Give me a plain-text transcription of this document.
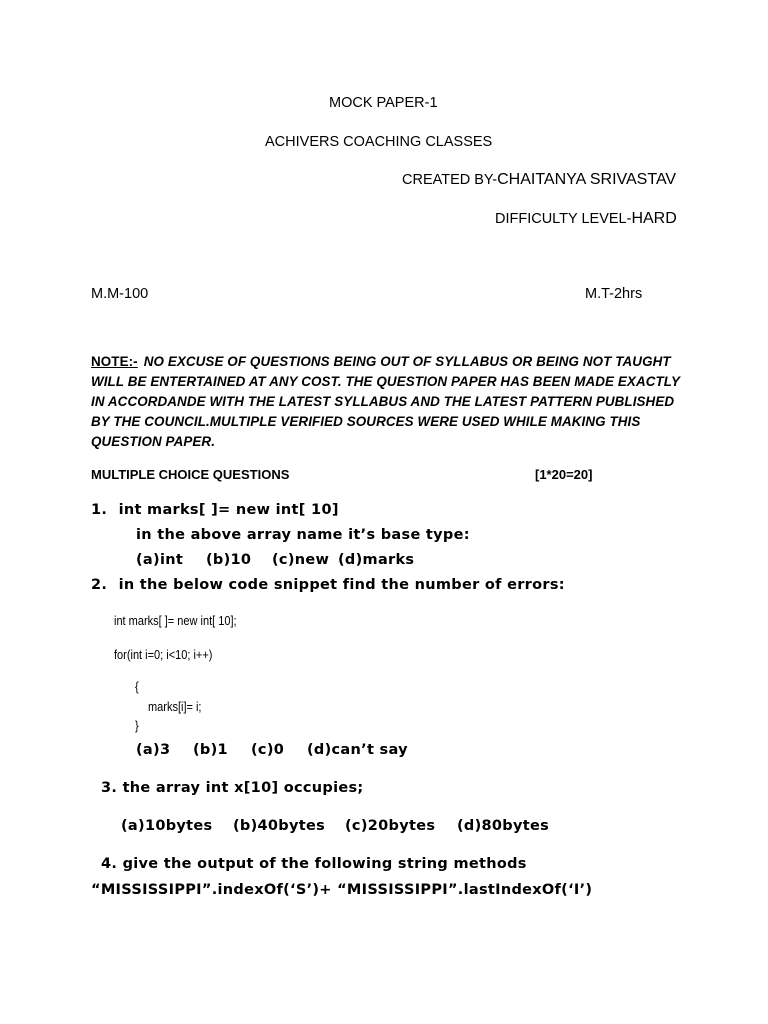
MOCK PAPER-1
ACHIVERS COACHING CLASSES
CREATED BY-CHAITANYA SRIVASTAV
DIFFICULTY LEVEL-HARD
M.M-100	M.T-2hrs
NOTE:- NO EXCUSE OF QUESTIONS BEING OUT OF SYLLABUS OR BEING NOT TAUGHT WILL BE ENTERTAINED AT ANY COST. THE QUESTION PAPER HAS BEEN MADE EXACTLY IN ACCORDANDE WITH THE LATEST SYLLABUS AND THE LATEST PATTERN PUBLISHED BY THE COUNCIL.MULTIPLE VERIFIED SOURCES WERE USED WHILE MAKING THIS QUESTION PAPER.
MULTIPLE CHOICE QUESTIONS	[1*20=20]
1. int marks[ ]= new int[ 10]
in the above array name it’s base type:
(a)int (b)10 (c)new (d)marks
2. in the below code snippet find the number of errors:
int marks[ ]= new int[ 10];
for(int i=0; i<10; i++)
{
marks[i]= i;
}
(a)3 (b)1 (c)0 (d)can’t say
3. the array int x[10] occupies;
(a)10bytes (b)40bytes (c)20bytes (d)80bytes
4. give the output of the following string methods
“MISSISSIPPI”.indexOf(‘S’)+ “MISSISSIPPI”.lastIndexOf(‘I’)
